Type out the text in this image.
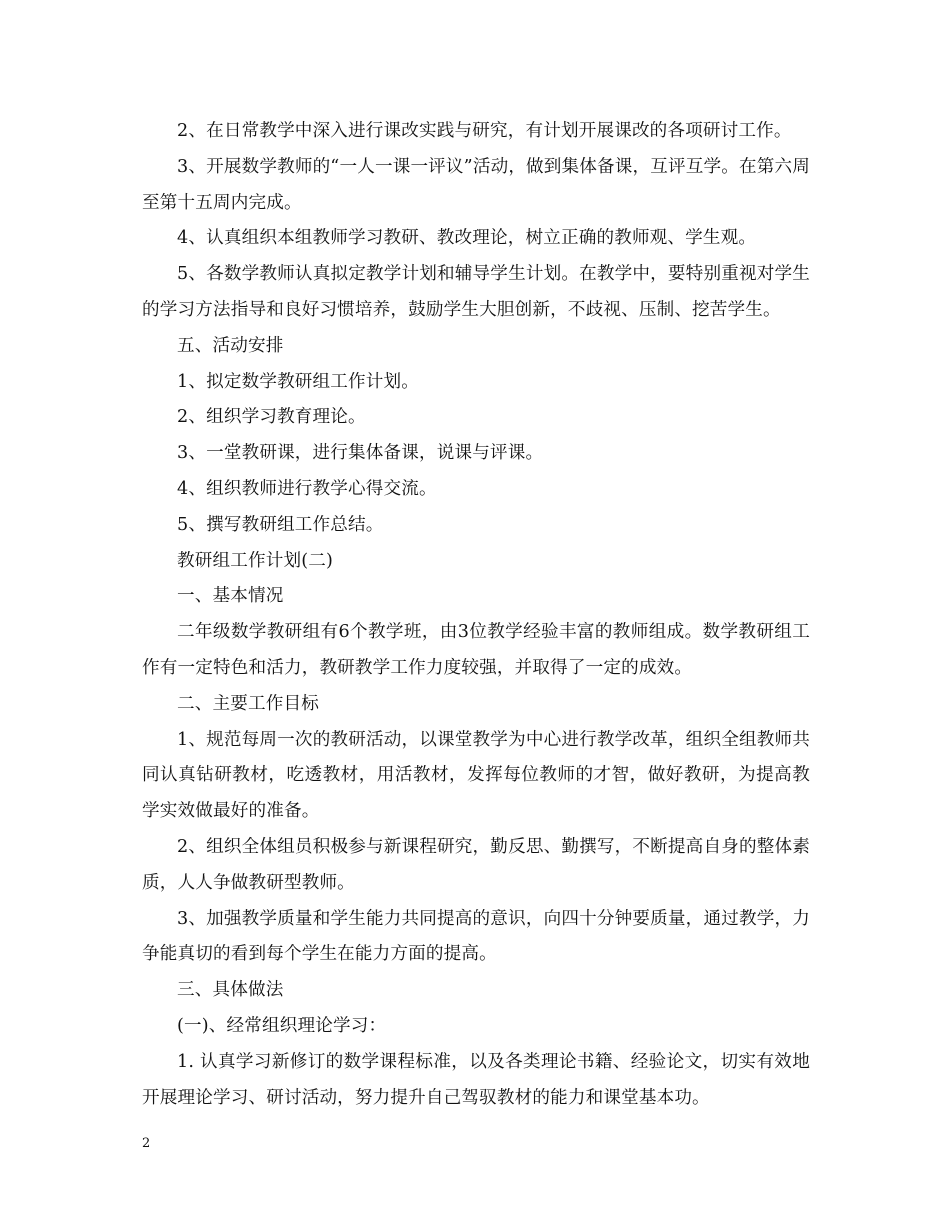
2、在日常教学中深入进行课改实践与研究，有计划开展课改的各项研讨工作。

3、开展数学教师的“一人一课一评议”活动，做到集体备课，互评互学。在第六周至第十五周内完成。

4、认真组织本组教师学习教研、教改理论，树立正确的教师观、学生观。

5、各数学教师认真拟定教学计划和辅导学生计划。在教学中，要特别重视对学生的学习方法指导和良好习惯培养，鼓励学生大胆创新，不歧视、压制、挖苦学生。

五、活动安排

1、拟定数学教研组工作计划。

2、组织学习教育理论。

3、一堂教研课，进行集体备课，说课与评课。

4、组织教师进行教学心得交流。

5、撰写教研组工作总结。

教研组工作计划(二)

一、基本情况

二年级数学教研组有6个教学班，由3位教学经验丰富的教师组成。数学教研组工作有一定特色和活力，教研教学工作力度较强，并取得了一定的成效。

二、主要工作目标

1、规范每周一次的教研活动，以课堂教学为中心进行教学改革，组织全组教师共同认真钻研教材，吃透教材，用活教材，发挥每位教师的才智，做好教研，为提高教学实效做最好的准备。

2、组织全体组员积极参与新课程研究，勤反思、勤撰写，不断提高自身的整体素质，人人争做教研型教师。

3、加强教学质量和学生能力共同提高的意识，向四十分钟要质量，通过教学，力争能真切的看到每个学生在能力方面的提高。

三、具体做法

(一)、经常组织理论学习：

1. 认真学习新修订的数学课程标准，以及各类理论书籍、经验论文，切实有效地开展理论学习、研讨活动，努力提升自己驾驭教材的能力和课堂基本功。

2
